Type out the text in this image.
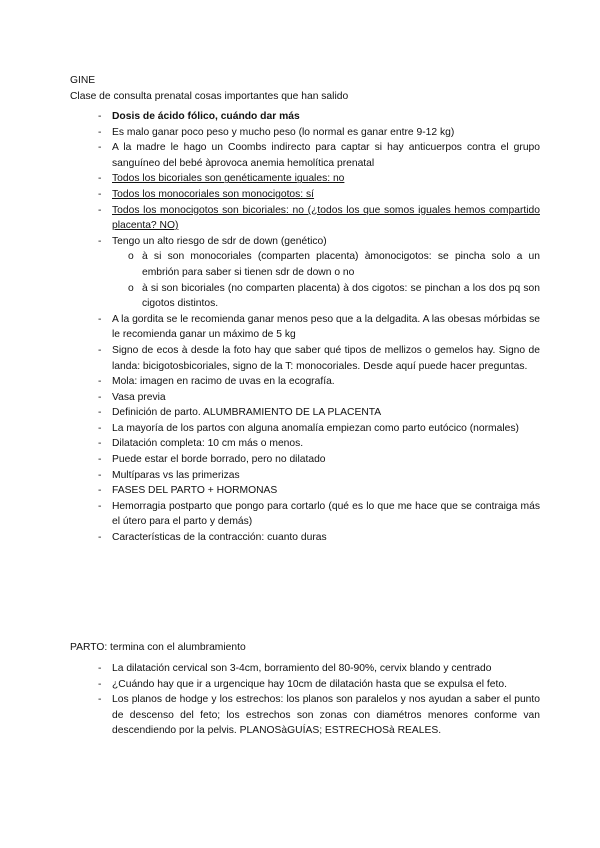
GINE

Clase de consulta prenatal cosas importantes que han salido

- Dosis de ácido fólico, cuándo dar más
- Es malo ganar poco peso y mucho peso (lo normal es ganar entre 9-12 kg)
- A la madre le hago un Coombs indirecto para captar si hay anticuerpos contra el grupo sanguíneo del bebé àprovoca anemia hemolítica prenatal
- Todos los bicoriales son genéticamente iguales: no
- Todos los monocoriales son monocigotos: sí
- Todos los monocigotos son bicoriales: no (¿todos los que somos iguales hemos compartido placenta? NO)
- Tengo un alto riesgo de sdr de down (genético)
o à si son monocoriales (comparten placenta) àmonocigotos: se pincha solo a un embrión para saber si tienen sdr de down o no
o à si son bicoriales (no comparten placenta) à dos cigotos: se pinchan a los dos pq son cigotos distintos.
- A la gordita se le recomienda ganar menos peso que a la delgadita. A las obesas mórbidas se le recomienda ganar un máximo de 5 kg
- Signo de ecos à desde la foto hay que saber qué tipos de mellizos o gemelos hay. Signo de landa: bicigotosbicoriales, signo de la T: monocoriales. Desde aquí puede hacer preguntas.
- Mola: imagen en racimo de uvas en la ecografía.
- Vasa previa
- Definición de parto. ALUMBRAMIENTO DE LA PLACENTA
- La mayoría de los partos con alguna anomalía empiezan como parto eutócico (normales)
- Dilatación completa: 10 cm más o menos.
- Puede estar el borde borrado, pero no dilatado
- Multíparas vs las primerizas
- FASES DEL PARTO + HORMONAS
- Hemorragia postparto que pongo para cortarlo (qué es lo que me hace que se contraiga más el útero para el parto y demás)
- Características de la contracción: cuanto duras

PARTO: termina con el alumbramiento

- La dilatación cervical son 3-4cm, borramiento del 80-90%, cervix blando y centrado
- ¿Cuándo hay que ir a urgencique hay 10cm de dilatación hasta que se expulsa el feto.
- Los planos de hodge y los estrechos: los planos son paralelos y nos ayudan a saber el punto de descenso del feto; los estrechos son zonas con diamétros menores conforme van descendiendo por la pelvis. PLANOSàGUÍAS; ESTRECHOSà REALES.
